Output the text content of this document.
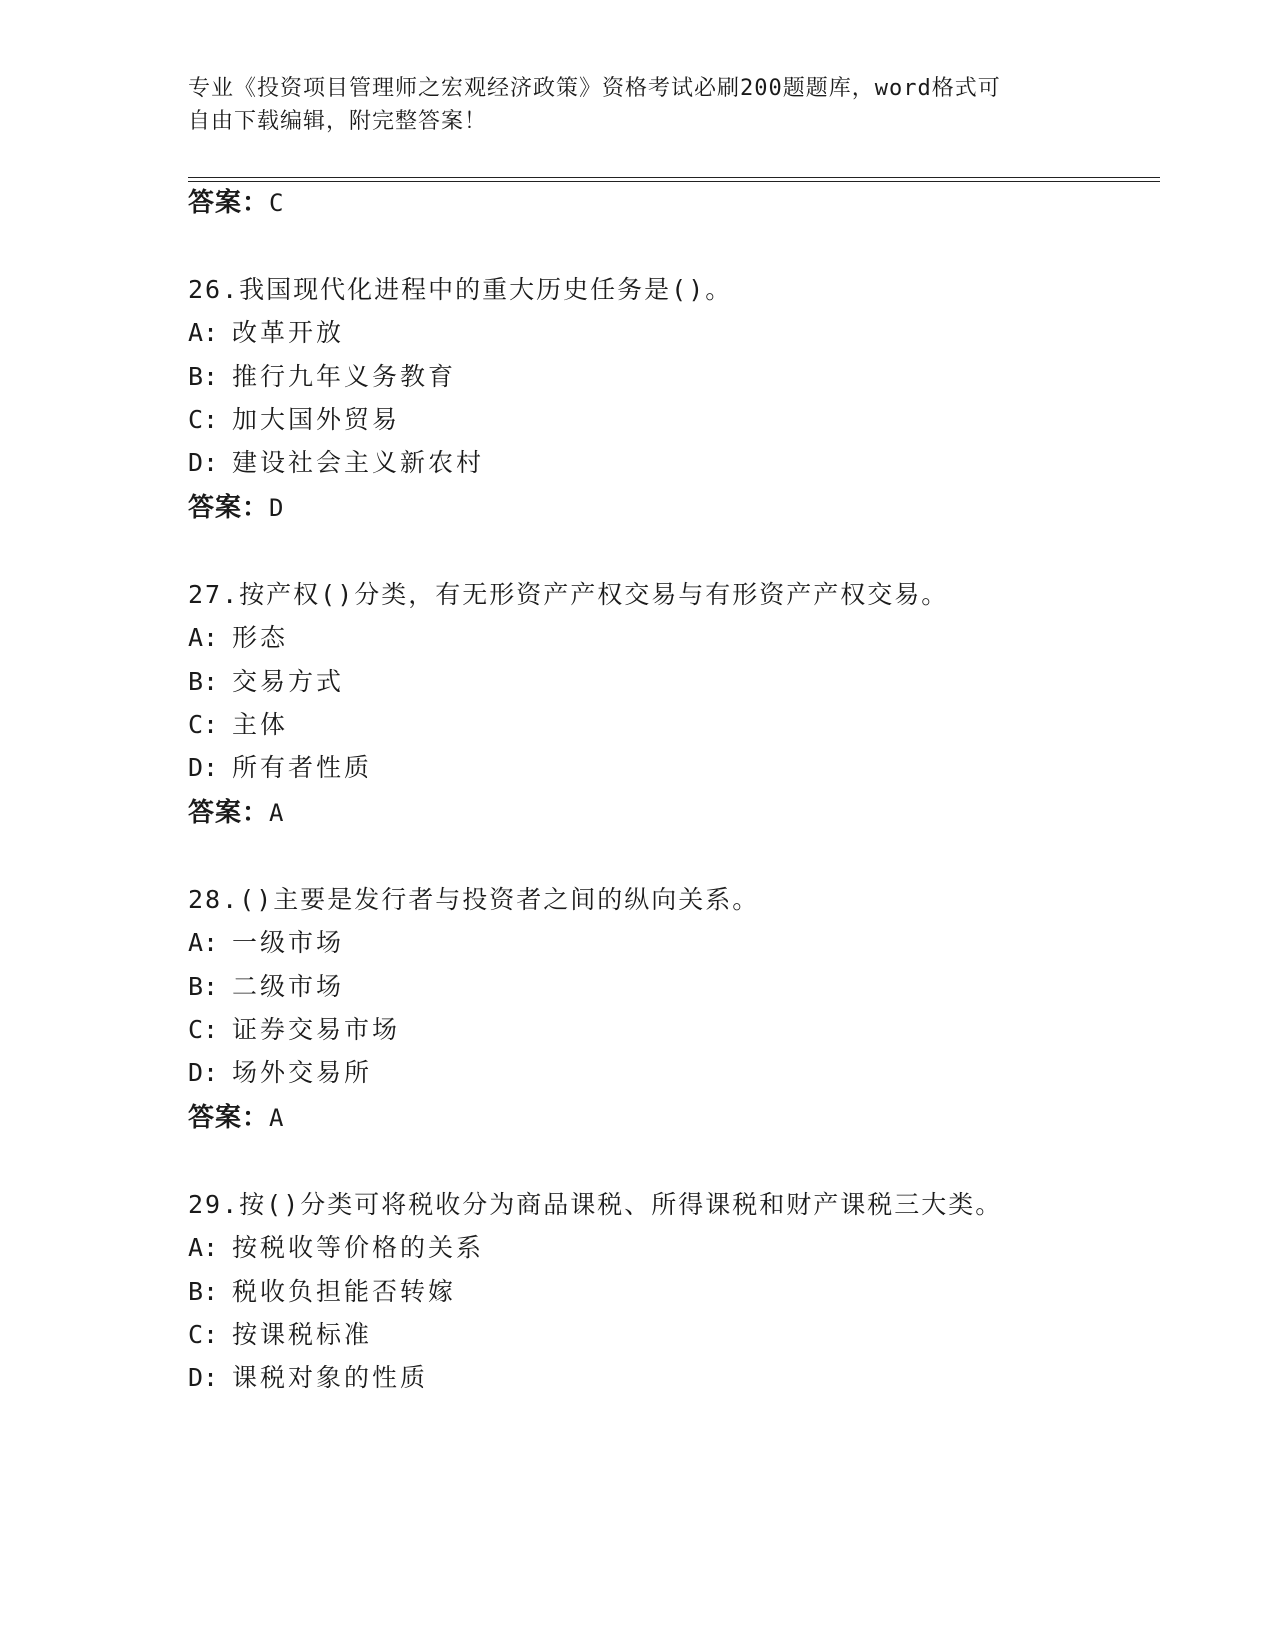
专业《投资项目管理师之宏观经济政策》资格考试必刷200题题库，word格式可
自由下载编辑，附完整答案！
答案：C
26.我国现代化进程中的重大历史任务是()。
A: 改革开放
B: 推行九年义务教育
C: 加大国外贸易
D: 建设社会主义新农村
答案：D
27.按产权()分类，有无形资产产权交易与有形资产产权交易。
A: 形态
B: 交易方式
C: 主体
D: 所有者性质
答案：A
28.()主要是发行者与投资者之间的纵向关系。
A: 一级市场
B: 二级市场
C: 证券交易市场
D: 场外交易所
答案：A
29.按()分类可将税收分为商品课税、所得课税和财产课税三大类。
A: 按税收等价格的关系
B: 税收负担能否转嫁
C: 按课税标准
D: 课税对象的性质
